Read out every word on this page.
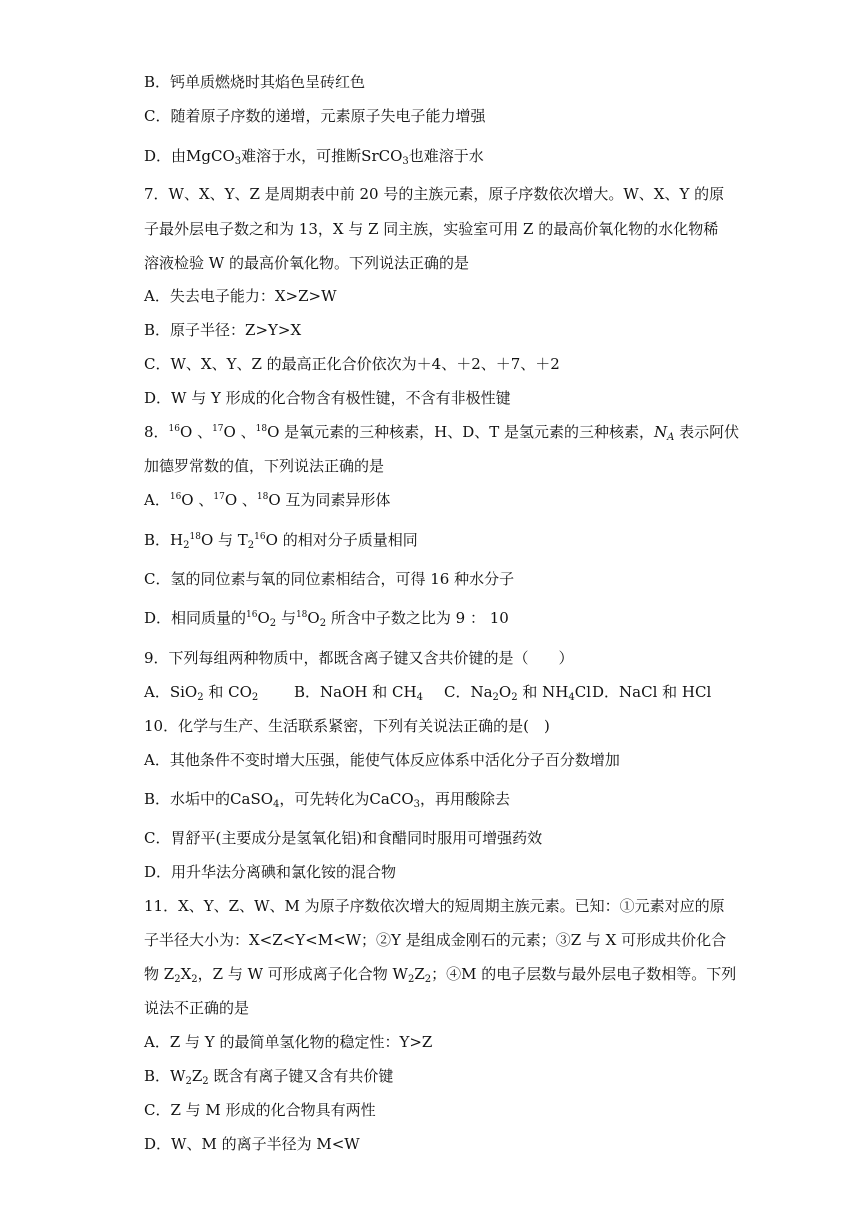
B．钙单质燃烧时其焰色呈砖红色
C．随着原子序数的递增，元素原子失电子能力增强
D．由MgCO$_3$难溶于水，可推断SrCO$_3$也难溶于水
7．W、X、Y、Z 是周期表中前 20 号的主族元素，原子序数依次增大。W、X、Y 的原
子最外层电子数之和为 13，X 与 Z 同主族，实验室可用 Z 的最高价氧化物的水化物稀
溶液检验 W 的最高价氧化物。下列说法正确的是
A．失去电子能力：X>Z>W
B．原子半径：Z>Y>X
C．W、X、Y、Z 的最高正化合价依次为＋4、＋2、＋7、＋2
D．W 与 Y 形成的化合物含有极性键，不含有非极性键
8．$^{16}$O 、$^{17}$O 、$^{18}$O 是氧元素的三种核素，H、D、T 是氢元素的三种核素，$N_A$ 表示阿伏
加德罗常数的值，下列说法正确的是
A．$^{16}$O 、$^{17}$O 、$^{18}$O 互为同素异形体
B．$H_2^{18}O$ 与 $T_2^{16}O$ 的相对分子质量相同
C．氢的同位素与氧的同位素相结合，可得 16 种水分子
D．相同质量的$^{16}O_2$ 与$^{18}O_2$ 所含中子数之比为 9 ： 10
9．下列每组两种物质中，都既含离子键又含共价键的是（　　）
A．SiO$_2$ 和 $CO_2$ B．NaOH 和 $CH_4$ C．$Na_2O_2$ 和 $NH_4Cl$ D．NaCl 和 HCl
10．化学与生产、生活联系紧密，下列有关说法正确的是(　)
A．其他条件不变时增大压强，能使气体反应体系中活化分子百分数增加
B．水垢中的CaSO$_4$，可先转化为CaCO$_3$，再用酸除去
C．胃舒平(主要成分是氢氧化铝)和食醋同时服用可增强药效
D．用升华法分离碘和氯化铵的混合物
11．X、Y、Z、W、M 为原子序数依次增大的短周期主族元素。已知：①元素对应的原
子半径大小为：X<Z<Y<M<W；②Y 是组成金刚石的元素；③Z 与 X 可形成共价化合
物 $Z_2X_2$，Z 与 W 可形成离子化合物 $W_2Z_2$；④M 的电子层数与最外层电子数相等。下列
说法不正确的是
A．Z 与 Y 的最简单氢化物的稳定性：Y>Z
B．$W_2Z_2$ 既含有离子键又含有共价键
C．Z 与 M 形成的化合物具有两性
D．W、M 的离子半径为 M<W
